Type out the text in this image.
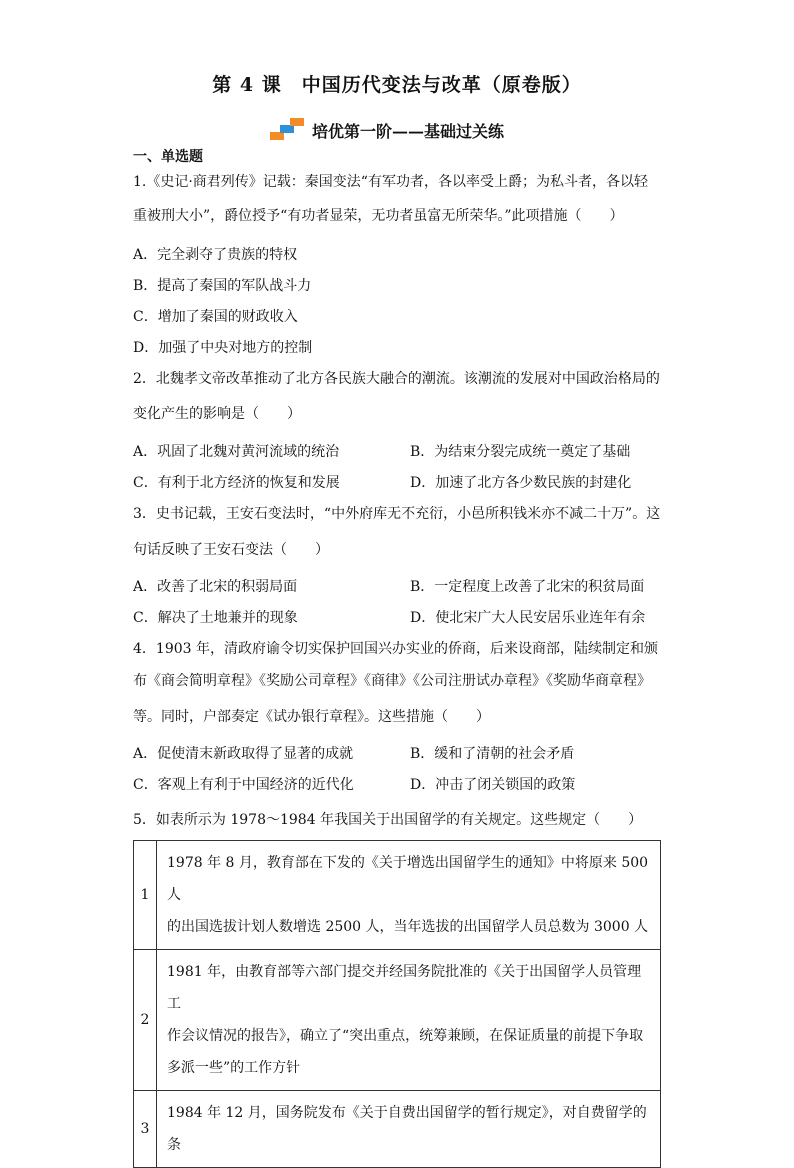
第 4 课　中国历代变法与改革（原卷版）
培优第一阶——基础过关练
一、单选题
1.《史记·商君列传》记载：秦国变法“有军功者，各以率受上爵；为私斗者，各以轻
重被刑大小”，爵位授予“有功者显荣，无功者虽富无所荣华。”此项措施（　　）
A．完全剥夺了贵族的特权
B．提高了秦国的军队战斗力
C．增加了秦国的财政收入
D．加强了中央对地方的控制
2．北魏孝文帝改革推动了北方各民族大融合的潮流。该潮流的发展对中国政治格局的
变化产生的影响是（　　）
A．巩固了北魏对黄河流域的统治	B．为结束分裂完成统一奠定了基础
C．有利于北方经济的恢复和发展	D．加速了北方各少数民族的封建化
3．史书记载，王安石变法时，“中外府库无不充衍，小邑所积钱米亦不减二十万”。这
句话反映了王安石变法（　　）
A．改善了北宋的积弱局面	B．一定程度上改善了北宋的积贫局面
C．解决了土地兼并的现象	D．使北宋广大人民安居乐业连年有余
4．1903 年，清政府谕令切实保护回国兴办实业的侨商，后来设商部，陆续制定和颁
布《商会简明章程》《奖励公司章程》《商律》《公司注册试办章程》《奖励华商章程》
等。同时，户部奏定《试办银行章程》。这些措施（　　）
A．促使清末新政取得了显著的成就	B．缓和了清朝的社会矛盾
C．客观上有利于中国经济的近代化	D．冲击了闭关锁国的政策
5．如表所示为 1978～1984 年我国关于出国留学的有关规定。这些规定（　　）
1	1978 年 8 月，教育部在下发的《关于增选出国留学生的通知》中将原来 500 人
的出国选拔计划人数增选 2500 人，当年选拔的出国留学人员总数为 3000 人

2	1981 年，由教育部等六部门提交并经国务院批准的《关于出国留学人员管理工
作会议情况的报告》，确立了“突出重点，统筹兼顾，在保证质量的前提下争取
多派一些”的工作方针

3	1984 年 12 月，国务院发布《关于自费出国留学的暂行规定》，对自费留学的条
